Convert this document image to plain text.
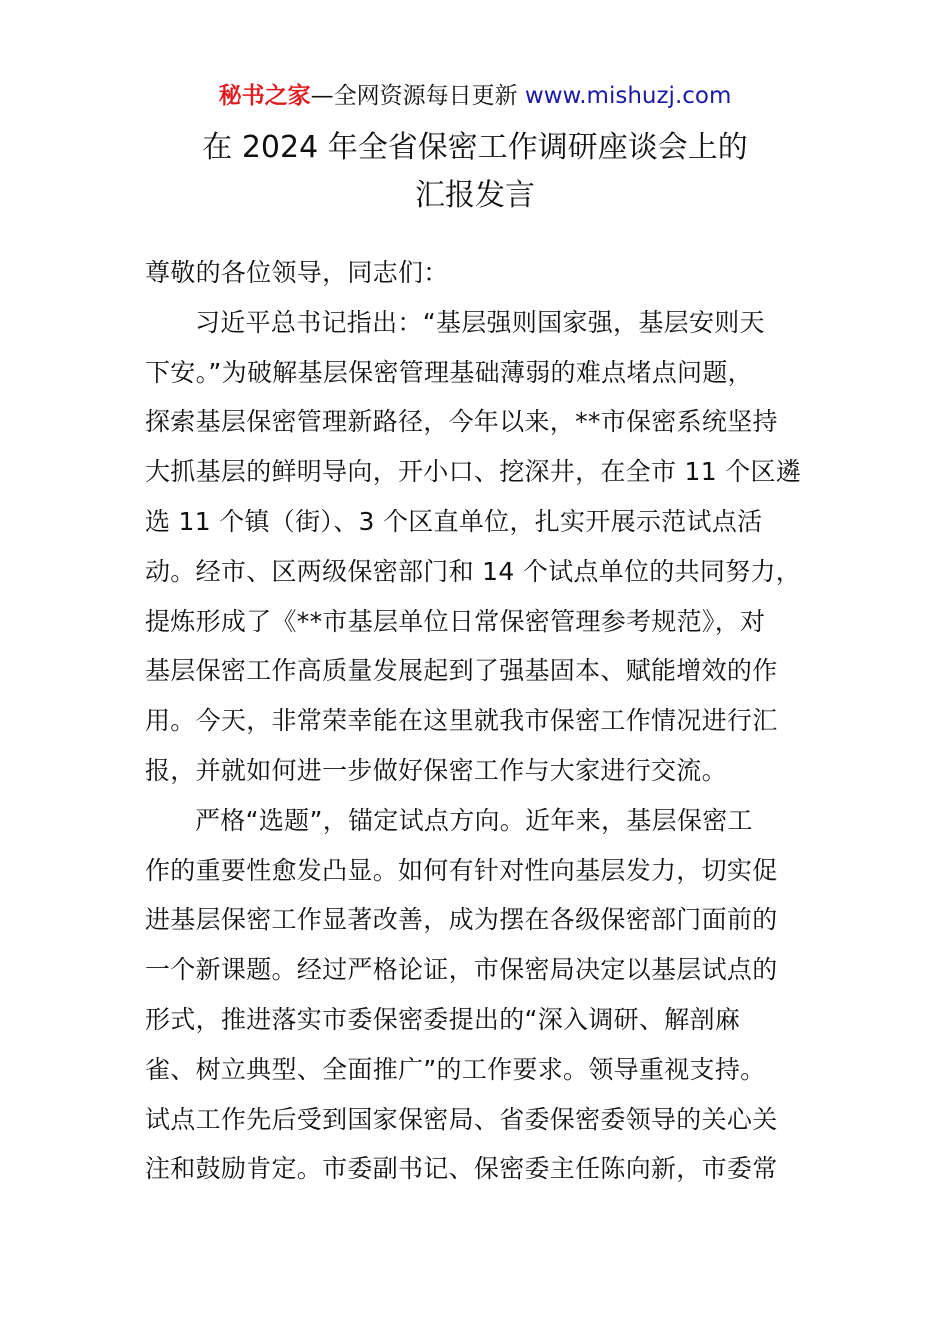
秘书之家—全网资源每日更新 www.mishuzj.com
在 2024 年全省保密工作调研座谈会上的
汇报发言
尊敬的各位领导，同志们：
习近平总书记指出：“基层强则国家强，基层安则天
下安。”为破解基层保密管理基础薄弱的难点堵点问题，
探索基层保密管理新路径，今年以来，**市保密系统坚持
大抓基层的鲜明导向，开小口、挖深井，在全市 11 个区遴
选 11 个镇（街）、3 个区直单位，扎实开展示范试点活
动。经市、区两级保密部门和 14 个试点单位的共同努力，
提炼形成了《**市基层单位日常保密管理参考规范》，对
基层保密工作高质量发展起到了强基固本、赋能增效的作
用。今天，非常荣幸能在这里就我市保密工作情况进行汇
报，并就如何进一步做好保密工作与大家进行交流。
严格“选题”，锚定试点方向。近年来，基层保密工
作的重要性愈发凸显。如何有针对性向基层发力，切实促
进基层保密工作显著改善，成为摆在各级保密部门面前的
一个新课题。经过严格论证，市保密局决定以基层试点的
形式，推进落实市委保密委提出的“深入调研、解剖麻
雀、树立典型、全面推广”的工作要求。领导重视支持。
试点工作先后受到国家保密局、省委保密委领导的关心关
注和鼓励肯定。市委副书记、保密委主任陈向新，市委常
